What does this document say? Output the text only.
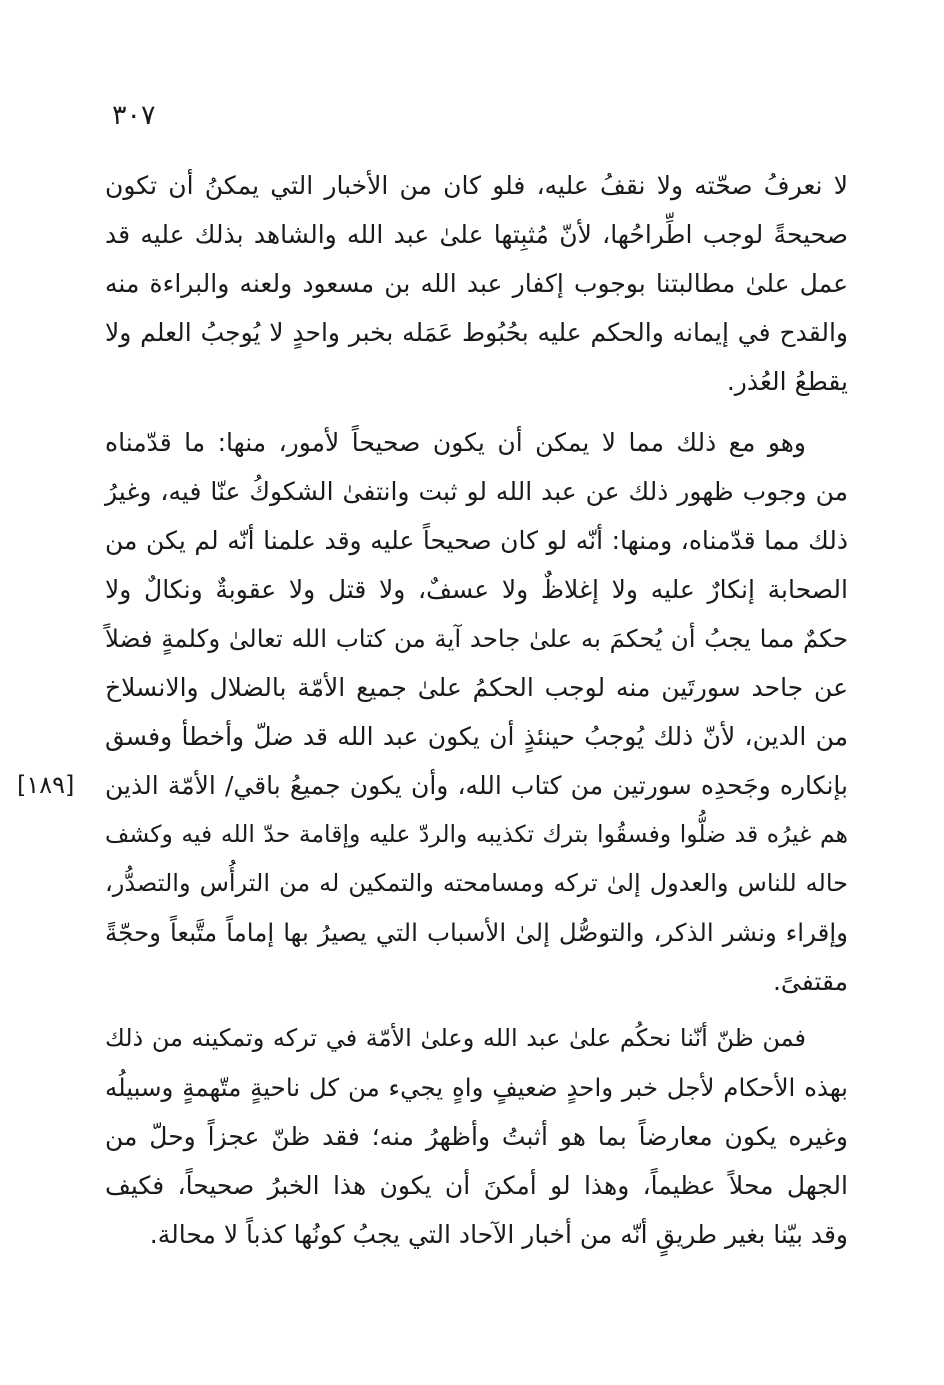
٣٠٧
لا نعرفُ صحّته ولا نقفُ عليه، فلو كان من الأخبار التي يمكنُ أن تكون
صحيحةً لوجب اطِّراحُها، لأنّ مُثبِتها علىٰ عبد الله والشاهد بذلك عليه قد
عمل علىٰ مطالبتنا بوجوب إكفار عبد الله بن مسعود ولعنه والبراءة منه
والقدح في إيمانه والحكم عليه بحُبُوط عَمَله بخبر واحدٍ لا يُوجبُ العلم ولا
يقطعُ العُذر.
وهو مع ذلك مما لا يمكن أن يكون صحيحاً لأمور، منها: ما قدّمناه
من وجوب ظهور ذلك عن عبد الله لو ثبت وانتفىٰ الشكوكُ عنّا فيه، وغيرُ
ذلك مما قدّمناه، ومنها: أنّه لو كان صحيحاً عليه وقد علمنا أنّه لم يكن من
الصحابة إنكارٌ عليه ولا إغلاظٌ ولا عسفٌ، ولا قتل ولا عقوبةٌ ونكالٌ ولا
حكمٌ مما يجبُ أن يُحكمَ به علىٰ جاحد آية من كتاب الله تعالىٰ وكلمةٍ فضلاً
عن جاحد سورتَين منه لوجب الحكمُ علىٰ جميع الأمّة بالضلال والانسلاخ
من الدين، لأنّ ذلك يُوجبُ حينئذٍ أن يكون عبد الله قد ضلّ وأخطأ وفسق
بإنكاره وجَحدِه سورتين من كتاب الله، وأن يكون جميعُ باقي/ الأمّة الذين
[١٨٩]
هم غيرُه قد ضلُّوا وفسقُوا بترك تكذيبه والردّ عليه وإقامة حدّ الله فيه وكشف
حاله للناس والعدول إلىٰ تركه ومسامحته والتمكين له من الترأُس والتصدُّر،
وإقراء ونشر الذكر، والتوصُّل إلىٰ الأسباب التي يصيرُ بها إماماً متَّبعاً وحجّةً
مقتفىً.
فمن ظنّ أنّنا نحكُم علىٰ عبد الله وعلىٰ الأمّة في تركه وتمكينه من ذلك
بهذه الأحكام لأجل خبر واحدٍ ضعيفٍ واهٍ يجيء من كل ناحيةٍ متّهمةٍ وسبيلُه
وغيره يكون معارضاً بما هو أثبتُ وأظهرُ منه؛ فقد ظنّ عجزاً وحلّ من
الجهل محلاً عظيماً، وهذا لو أمكنَ أن يكون هذا الخبرُ صحيحاً، فكيف
وقد بيّنا بغير طريقٍ أنّه من أخبار الآحاد التي يجبُ كونُها كذباً لا محالة.
